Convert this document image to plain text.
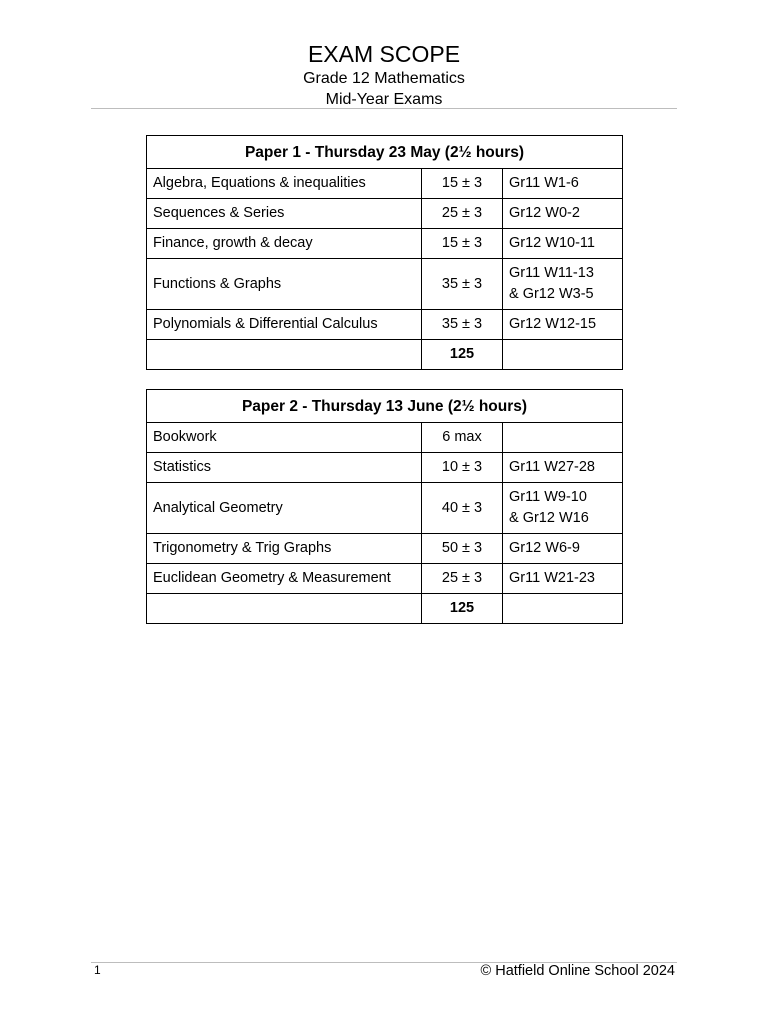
EXAM SCOPE
Grade 12 Mathematics
Mid-Year Exams
Paper 1 - Thursday 23 May (2½ hours)		
Algebra, Equations & inequalities	15 ± 3	Gr11 W1-6
Sequences & Series	25 ± 3	Gr12 W0-2
Finance, growth & decay	15 ± 3	Gr12 W10-11
Functions & Graphs	35 ± 3	Gr11 W11-13
& Gr12 W3-5

Polynomials & Differential Calculus	35 ± 3	Gr12 W12-15
	125	
Paper 2 - Thursday 13 June (2½ hours)		
Bookwork	6 max	
Statistics	10 ± 3	Gr11 W27-28
Analytical Geometry	40 ± 3	Gr11 W9-10
& Gr12 W16

Trigonometry & Trig Graphs	50 ± 3	Gr12 W6-9
Euclidean Geometry & Measurement	25 ± 3	Gr11 W21-23
	125	
1	© Hatfield Online School 2024
